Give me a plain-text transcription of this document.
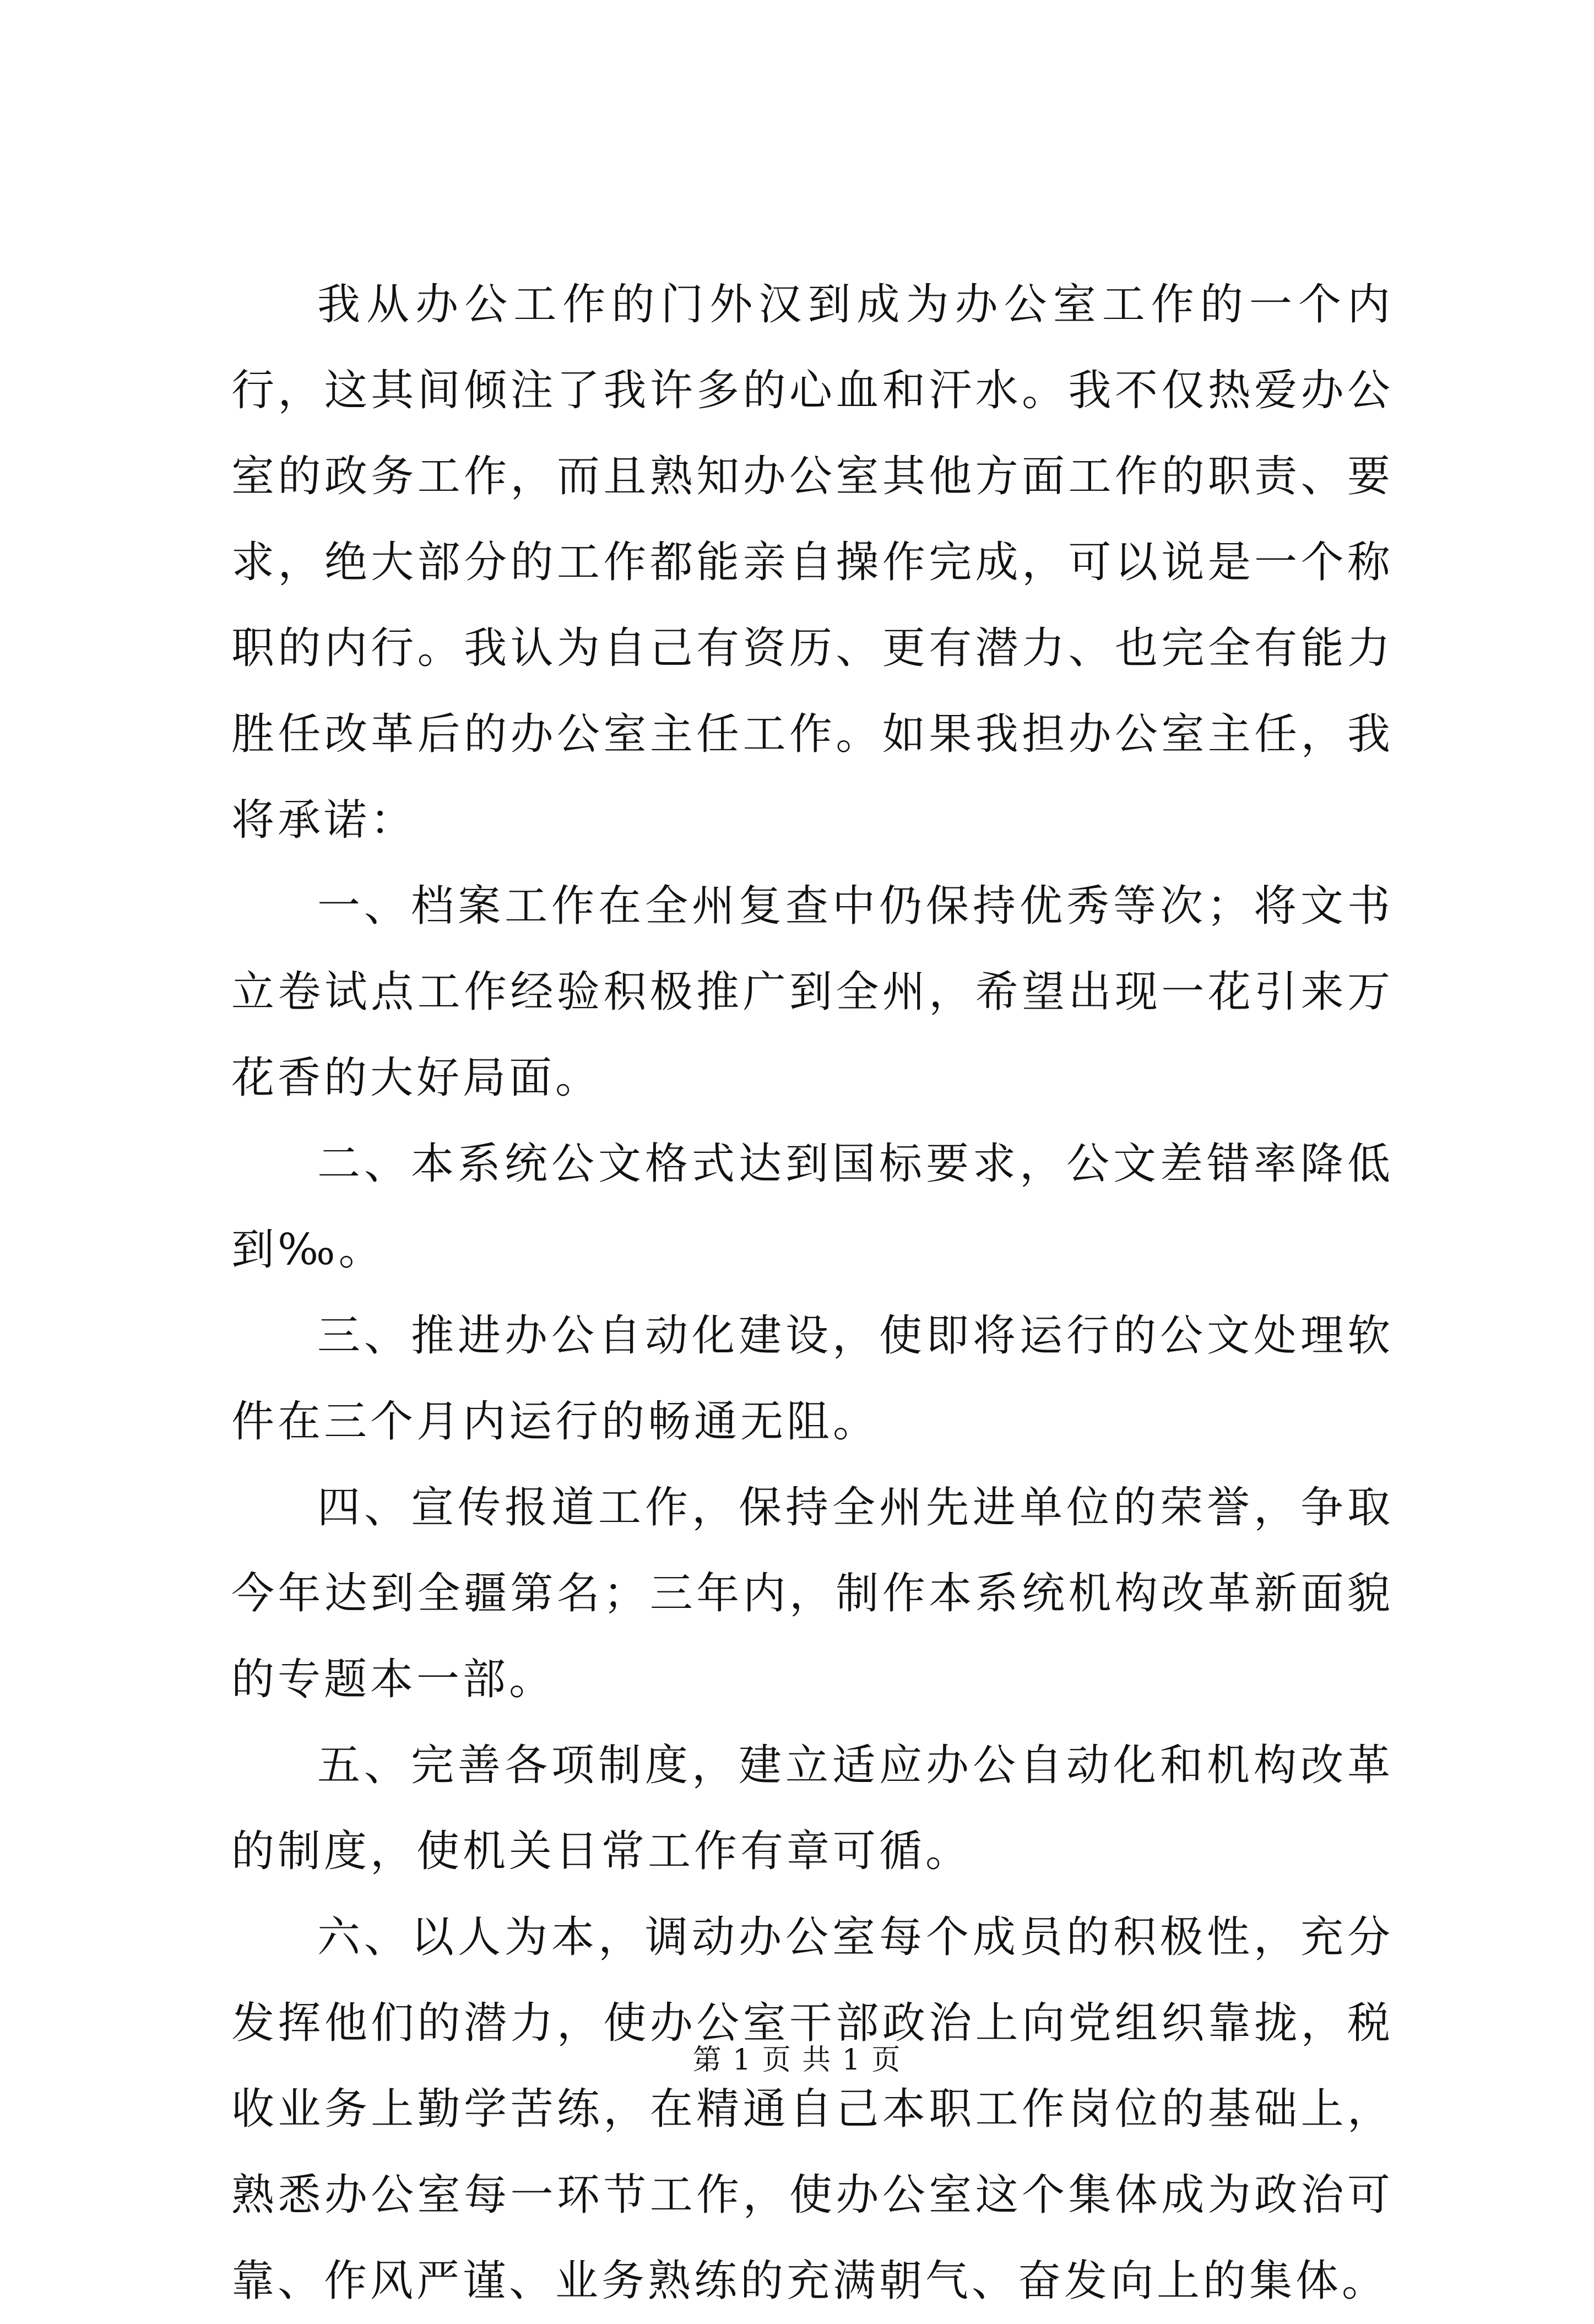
我从办公工作的门外汉到成为办公室工作的一个内行，这其间倾注了我许多的心血和汗水。我不仅热爱办公室的政务工作，而且熟知办公室其他方面工作的职责、要求，绝大部分的工作都能亲自操作完成，可以说是一个称职的内行。我认为自己有资历、更有潜力、也完全有能力胜任改革后的办公室主任工作。如果我担办公室主任，我将承诺：

一、档案工作在全州复查中仍保持优秀等次；将文书立卷试点工作经验积极推广到全州，希望出现一花引来万花香的大好局面。

二、本系统公文格式达到国标要求，公文差错率降低到‰。

三、推进办公自动化建设，使即将运行的公文处理软件在三个月内运行的畅通无阻。

四、宣传报道工作，保持全州先进单位的荣誉，争取今年达到全疆第名；三年内，制作本系统机构改革新面貌的专题本一部。

五、完善各项制度，建立适应办公自动化和机构改革的制度，使机关日常工作有章可循。

六、以人为本，调动办公室每个成员的积极性，充分发挥他们的潜力，使办公室干部政治上向党组织靠拢，税收业务上勤学苦练，在精通自己本职工作岗位的基础上，熟悉办公室每一环节工作，使办公室这个集体成为政治可靠、作风严谨、业务熟练的充满朝气、奋发向上的集体。

第 1 页 共 1 页
